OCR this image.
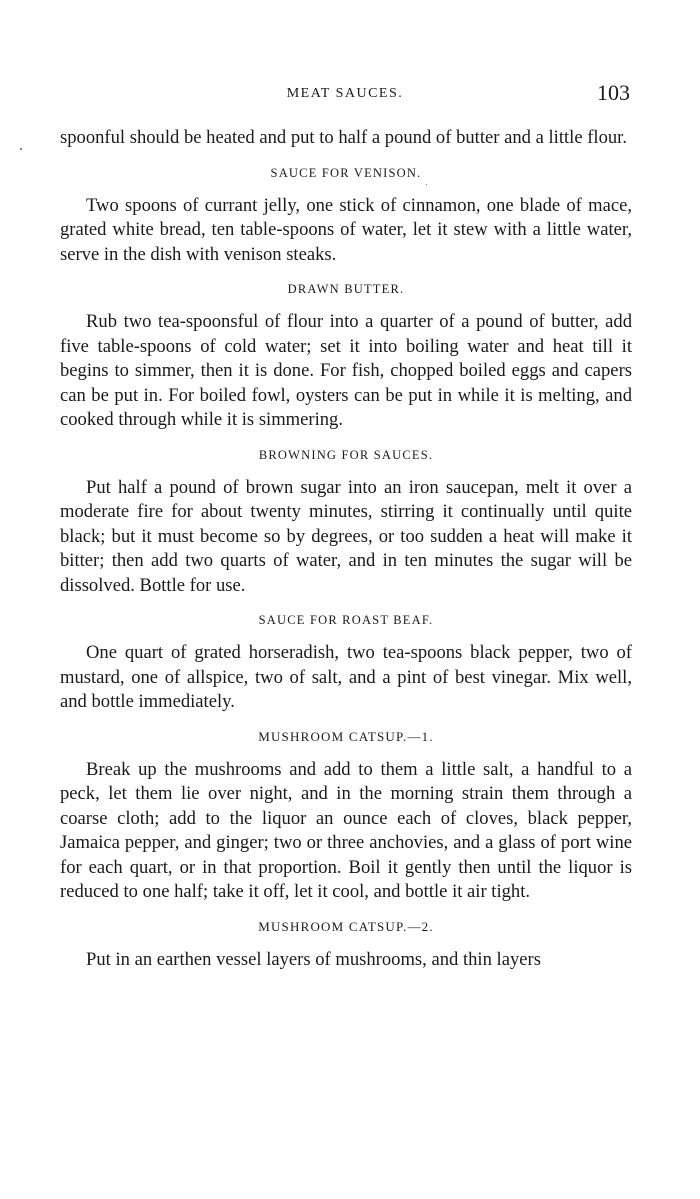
MEAT SAUCES.	103

spoonful should be heated and put to half a pound of butter and a little flour.

SAUCE FOR VENISON.

Two spoons of currant jelly, one stick of cinnamon, one blade of mace, grated white bread, ten table-spoons of water, let it stew with a little water, serve in the dish with venison steaks.

DRAWN BUTTER.

Rub two tea-spoonsful of flour into a quarter of a pound of butter, add five table-spoons of cold water; set it into boiling water and heat till it begins to simmer, then it is done. For fish, chopped boiled eggs and capers can be put in. For boiled fowl, oysters can be put in while it is melting, and cooked through while it is simmering.

BROWNING FOR SAUCES.

Put half a pound of brown sugar into an iron saucepan, melt it over a moderate fire for about twenty minutes, stirring it continually until quite black; but it must become so by degrees, or too sudden a heat will make it bitter; then add two quarts of water, and in ten minutes the sugar will be dissolved. Bottle for use.

SAUCE FOR ROAST BEAF.

One quart of grated horseradish, two tea-spoons black pepper, two of mustard, one of allspice, two of salt, and a pint of best vinegar. Mix well, and bottle immediately.

MUSHROOM CATSUP.—1.

Break up the mushrooms and add to them a little salt, a handful to a peck, let them lie over night, and in the morning strain them through a coarse cloth; add to the liquor an ounce each of cloves, black pepper, Jamaica pepper, and ginger; two or three anchovies, and a glass of port wine for each quart, or in that proportion. Boil it gently then until the liquor is reduced to one half; take it off, let it cool, and bottle it air tight.

MUSHROOM CATSUP.—2.

Put in an earthen vessel layers of mushrooms, and thin layers
